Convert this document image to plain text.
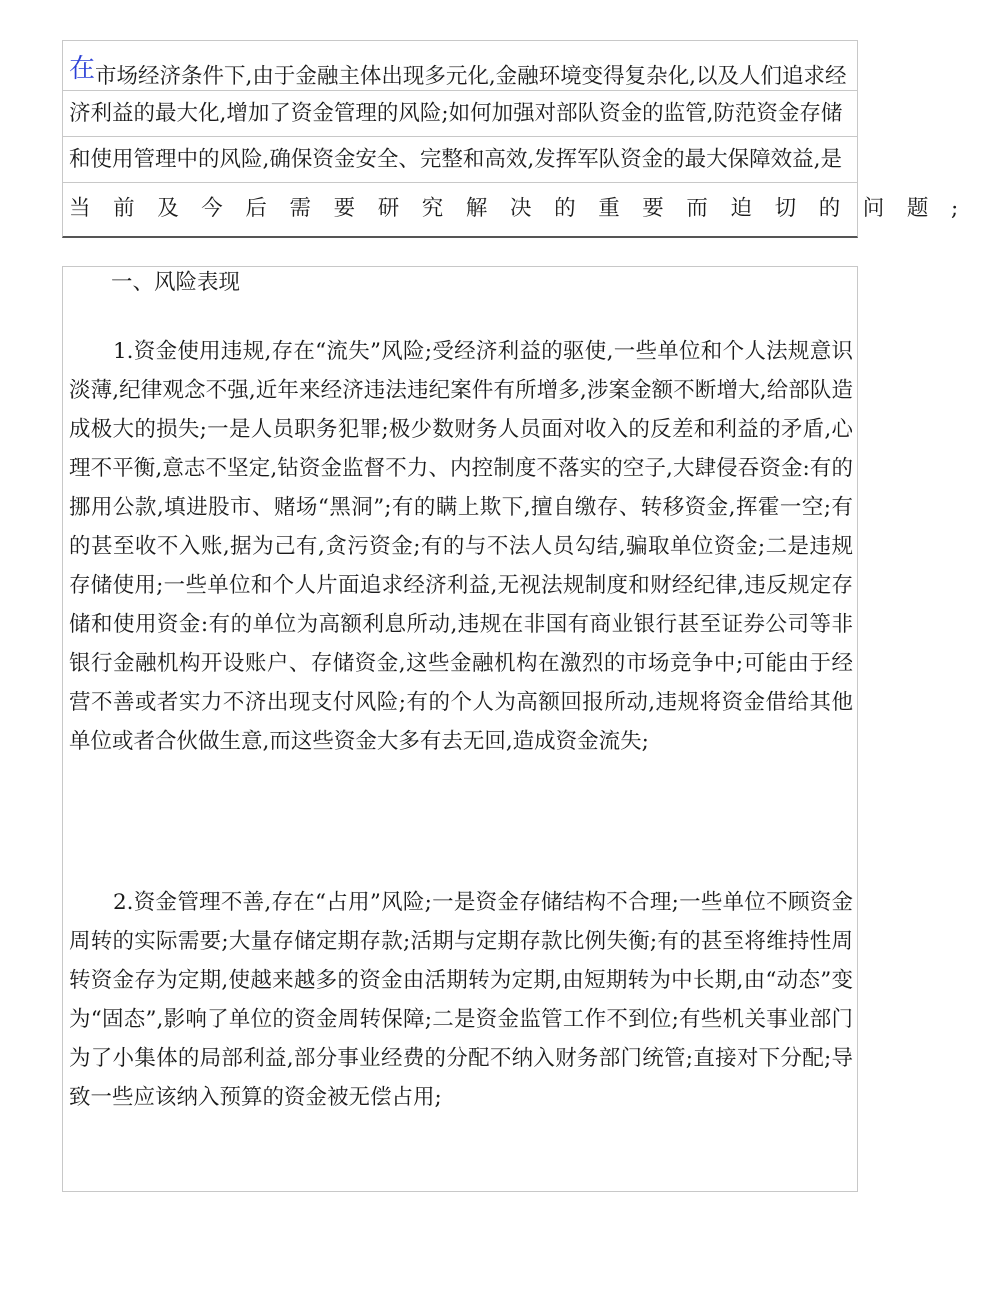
在市场经济条件下,由于金融主体出现多元化,金融环境变得复杂化,以及人们追求经
济利益的最大化,增加了资金管理的风险;如何加强对部队资金的监管,防范资金存储
和使用管理中的风险,确保资金安全、完整和高效,发挥军队资金的最大保障效益,是
当前及今后需要研究解决的重要而迫切的问题;
一、风险表现
1.资金使用违规,存在“流失”风险;受经济利益的驱使,一些单位和个人法规意识淡薄,纪律观念不强,近年来经济违法违纪案件有所增多,涉案金额不断增大,给部队造成极大的损失;一是人员职务犯罪;极少数财务人员面对收入的反差和利益的矛盾,心理不平衡,意志不坚定,钻资金监督不力、内控制度不落实的空子,大肆侵吞资金:有的挪用公款,填进股市、赌场“黑洞”;有的瞒上欺下,擅自缴存、转移资金,挥霍一空;有的甚至收不入账,据为己有,贪污资金;有的与不法人员勾结,骗取单位资金;二是违规存储使用;一些单位和个人片面追求经济利益,无视法规制度和财经纪律,违反规定存储和使用资金:有的单位为高额利息所动,违规在非国有商业银行甚至证券公司等非银行金融机构开设账户、存储资金,这些金融机构在激烈的市场竞争中;可能由于经营不善或者实力不济出现支付风险;有的个人为高额回报所动,违规将资金借给其他单位或者合伙做生意,而这些资金大多有去无回,造成资金流失;
2.资金管理不善,存在“占用”风险;一是资金存储结构不合理;一些单位不顾资金周转的实际需要;大量存储定期存款;活期与定期存款比例失衡;有的甚至将维持性周转资金存为定期,使越来越多的资金由活期转为定期,由短期转为中长期,由“动态”变为“固态”,影响了单位的资金周转保障;二是资金监管工作不到位;有些机关事业部门为了小集体的局部利益,部分事业经费的分配不纳入财务部门统管;直接对下分配;导致一些应该纳入预算的资金被无偿占用;
